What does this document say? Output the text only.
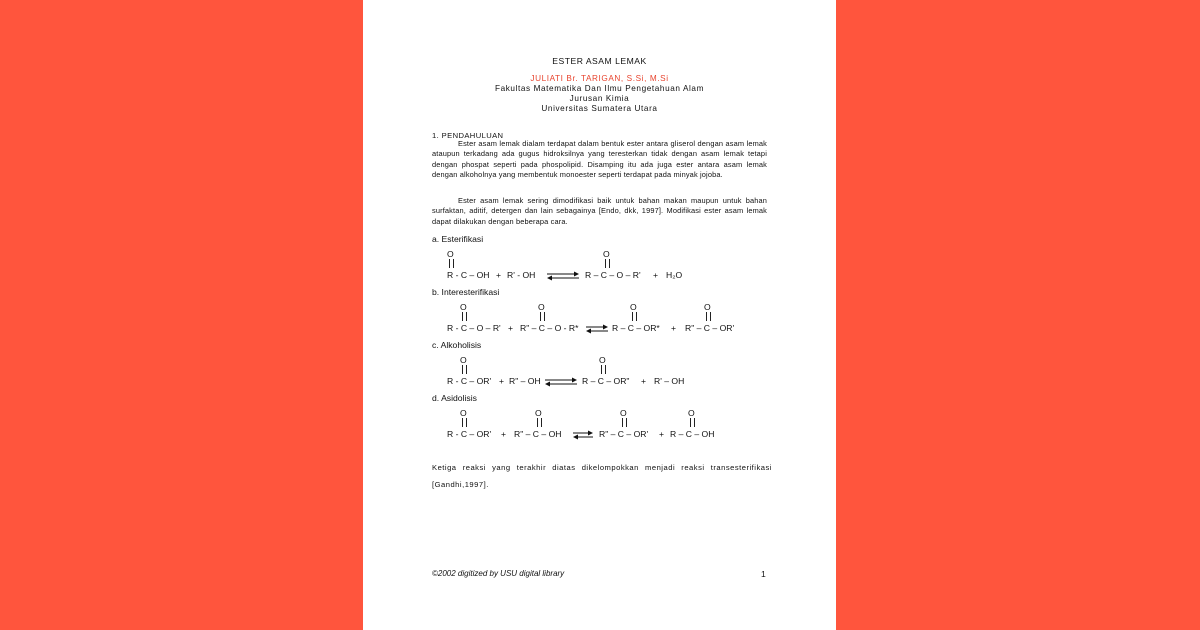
ESTER ASAM LEMAK
JULIATI Br. TARIGAN, S.Si, M.Si
Fakultas Matematika Dan Ilmu Pengetahuan Alam
Jurusan Kimia
Universitas Sumatera Utara
1. PENDAHULUAN
Ester asam lemak dialam terdapat dalam bentuk ester antara gliserol dengan asam lemak ataupun terkadang ada gugus hidroksilnya yang teresterkan tidak dengan asam lemak tetapi dengan phospat seperti pada phospolipid. Disamping itu ada juga ester antara asam lemak dengan alkoholnya yang membentuk monoester seperti terdapat pada minyak jojoba.
Ester asam lemak sering dimodifikasi baik untuk bahan makan maupun untuk bahan surfaktan, aditif, detergen dan lain sebagainya [Endo, dkk, 1997]. Modifikasi ester asam lemak dapat dilakukan dengan beberapa cara.
a. Esterifikasi
O
R - C – OH + R' - OH ⇌
O
R – C – O – R' + H₂O
b. Interesterifikasi
O
R - C – O – R' +
O
R" – C – O - R* ⇌
O
R – C – OR* +
O
R" – C – OR'
c. Alkoholisis
O
R - C – OR' + R" – OH ⇌
O
R – C – OR" + R' – OH
d. Asidolisis
O
R - C – OR' +
O
R" – C – OH ⇌
O
R" – C – OR' +
O
R – C – OH
Ketiga reaksi yang terakhir diatas dikelompokkan menjadi reaksi transesterifikasi [Gandhi,1997].
©2002 digitized by USU digital library	1
